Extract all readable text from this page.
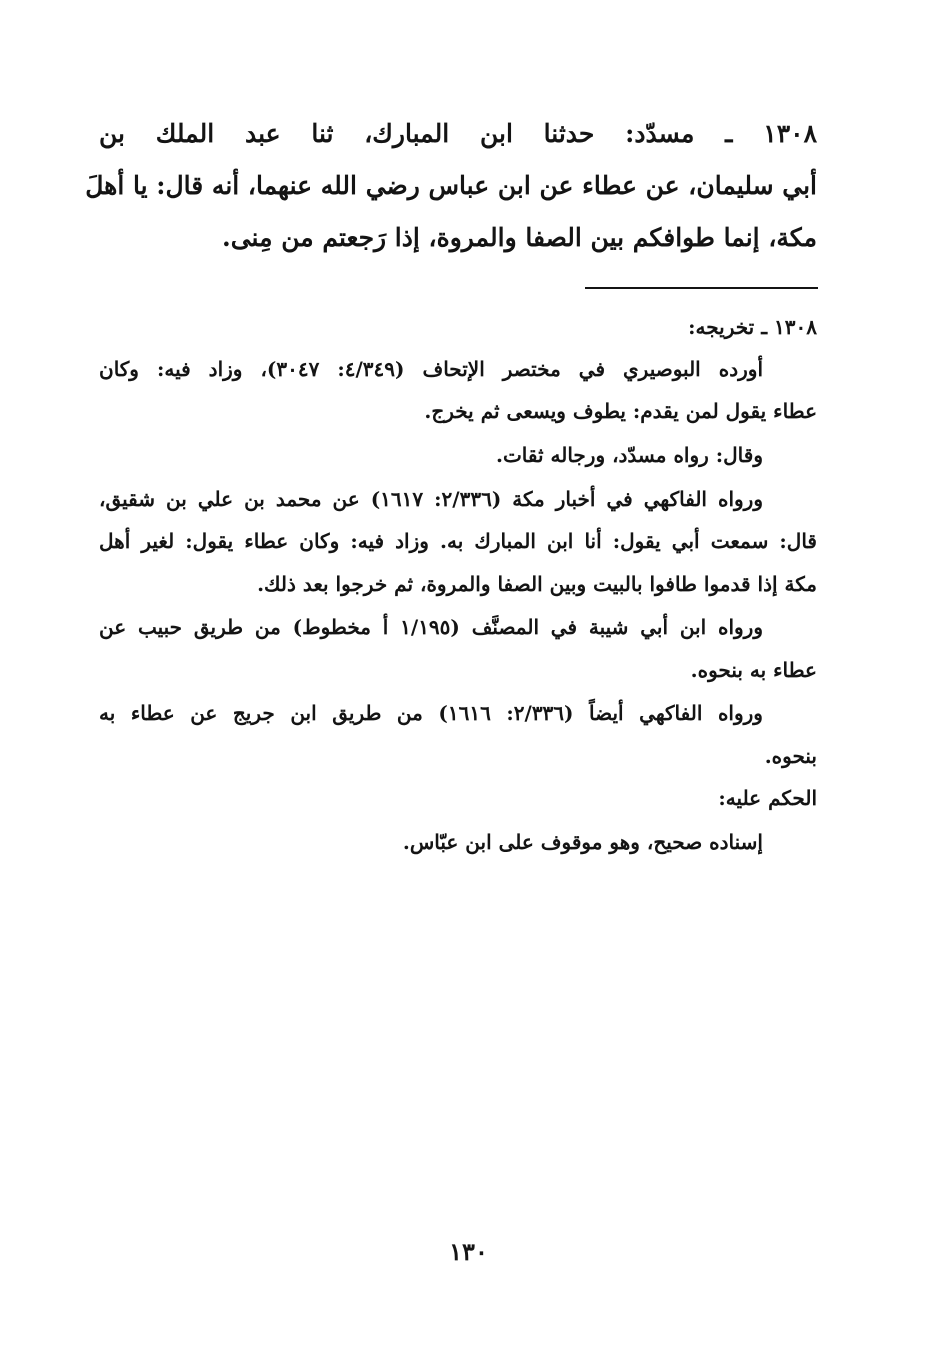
١٣٠٨ ـ مسدّد: حدثنا ابن المبارك، ثنا عبد الملك بن
أبي سليمان، عن عطاء عن ابن عباس رضي الله عنهما، أنه قال: يا أهلَ
مكة، إنما طوافكم بين الصفا والمروة، إذا رَجعتم من مِنى.
١٣٠٨ ـ تخريجه:
أورده البوصيري في مختصر الإتحاف (٤/٣٤٩: ٣٠٤٧)، وزاد فيه: وكان
عطاء يقول لمن يقدم: يطوف ويسعى ثم يخرج.
وقال: رواه مسدّد، ورجاله ثقات.
ورواه الفاكهي في أخبار مكة (٢/٣٣٦: ١٦١٧) عن محمد بن علي بن شقيق،
قال: سمعت أبي يقول: أنا ابن المبارك به. وزاد فيه: وكان عطاء يقول: لغير أهل
مكة إذا قدموا طافوا بالبيت وبين الصفا والمروة، ثم خرجوا بعد ذلك.
ورواه ابن أبي شيبة في المصنَّف (١/١٩٥ أ مخطوط) من طريق حبيب عن
عطاء به بنحوه.
ورواه الفاكهي أيضاً (٢/٣٣٦: ١٦١٦) من طريق ابن جريج عن عطاء به
بنحوه.
الحكم عليه:
إسناده صحيح، وهو موقوف على ابن عبّاس.
١٣٠
